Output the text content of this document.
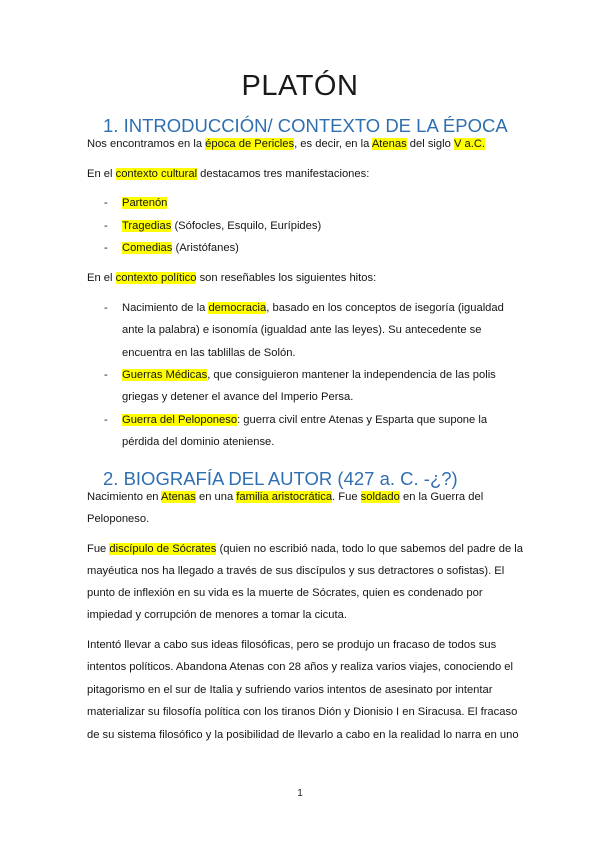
PLATÓN
1. INTRODUCCIÓN/ CONTEXTO DE LA ÉPOCA
Nos encontramos en la época de Pericles, es decir, en la Atenas del siglo V a.C.
En el contexto cultural destacamos tres manifestaciones:
- Partenón
- Tragedias (Sófocles, Esquilo, Eurípides)
- Comedias (Aristófanes)
En el contexto político son reseñables los siguientes hitos:
- Nacimiento de la democracia, basado en los conceptos de isegoría (igualdad
ante la palabra) e isonomía (igualdad ante las leyes). Su antecedente se
encuentra en las tablillas de Solón.
- Guerras Médicas, que consiguieron mantener la independencia de las polis
griegas y detener el avance del Imperio Persa.
- Guerra del Peloponeso: guerra civil entre Atenas y Esparta que supone la
pérdida del dominio ateniense.
2. BIOGRAFÍA DEL AUTOR (427 a. C. -¿?)
Nacimiento en Atenas en una familia aristocrática. Fue soldado en la Guerra del
Peloponeso.
Fue discípulo de Sócrates (quien no escribió nada, todo lo que sabemos del padre de la
mayéutica nos ha llegado a través de sus discípulos y sus detractores o sofistas). El
punto de inflexión en su vida es la muerte de Sócrates, quien es condenado por
impiedad y corrupción de menores a tomar la cicuta.
Intentó llevar a cabo sus ideas filosóficas, pero se produjo un fracaso de todos sus
intentos políticos. Abandona Atenas con 28 años y realiza varios viajes, conociendo el
pitagorismo en el sur de Italia y sufriendo varios intentos de asesinato por intentar
materializar su filosofía política con los tiranos Dión y Dionisio I en Siracusa. El fracaso
de su sistema filosófico y la posibilidad de llevarlo a cabo en la realidad lo narra en uno
1
